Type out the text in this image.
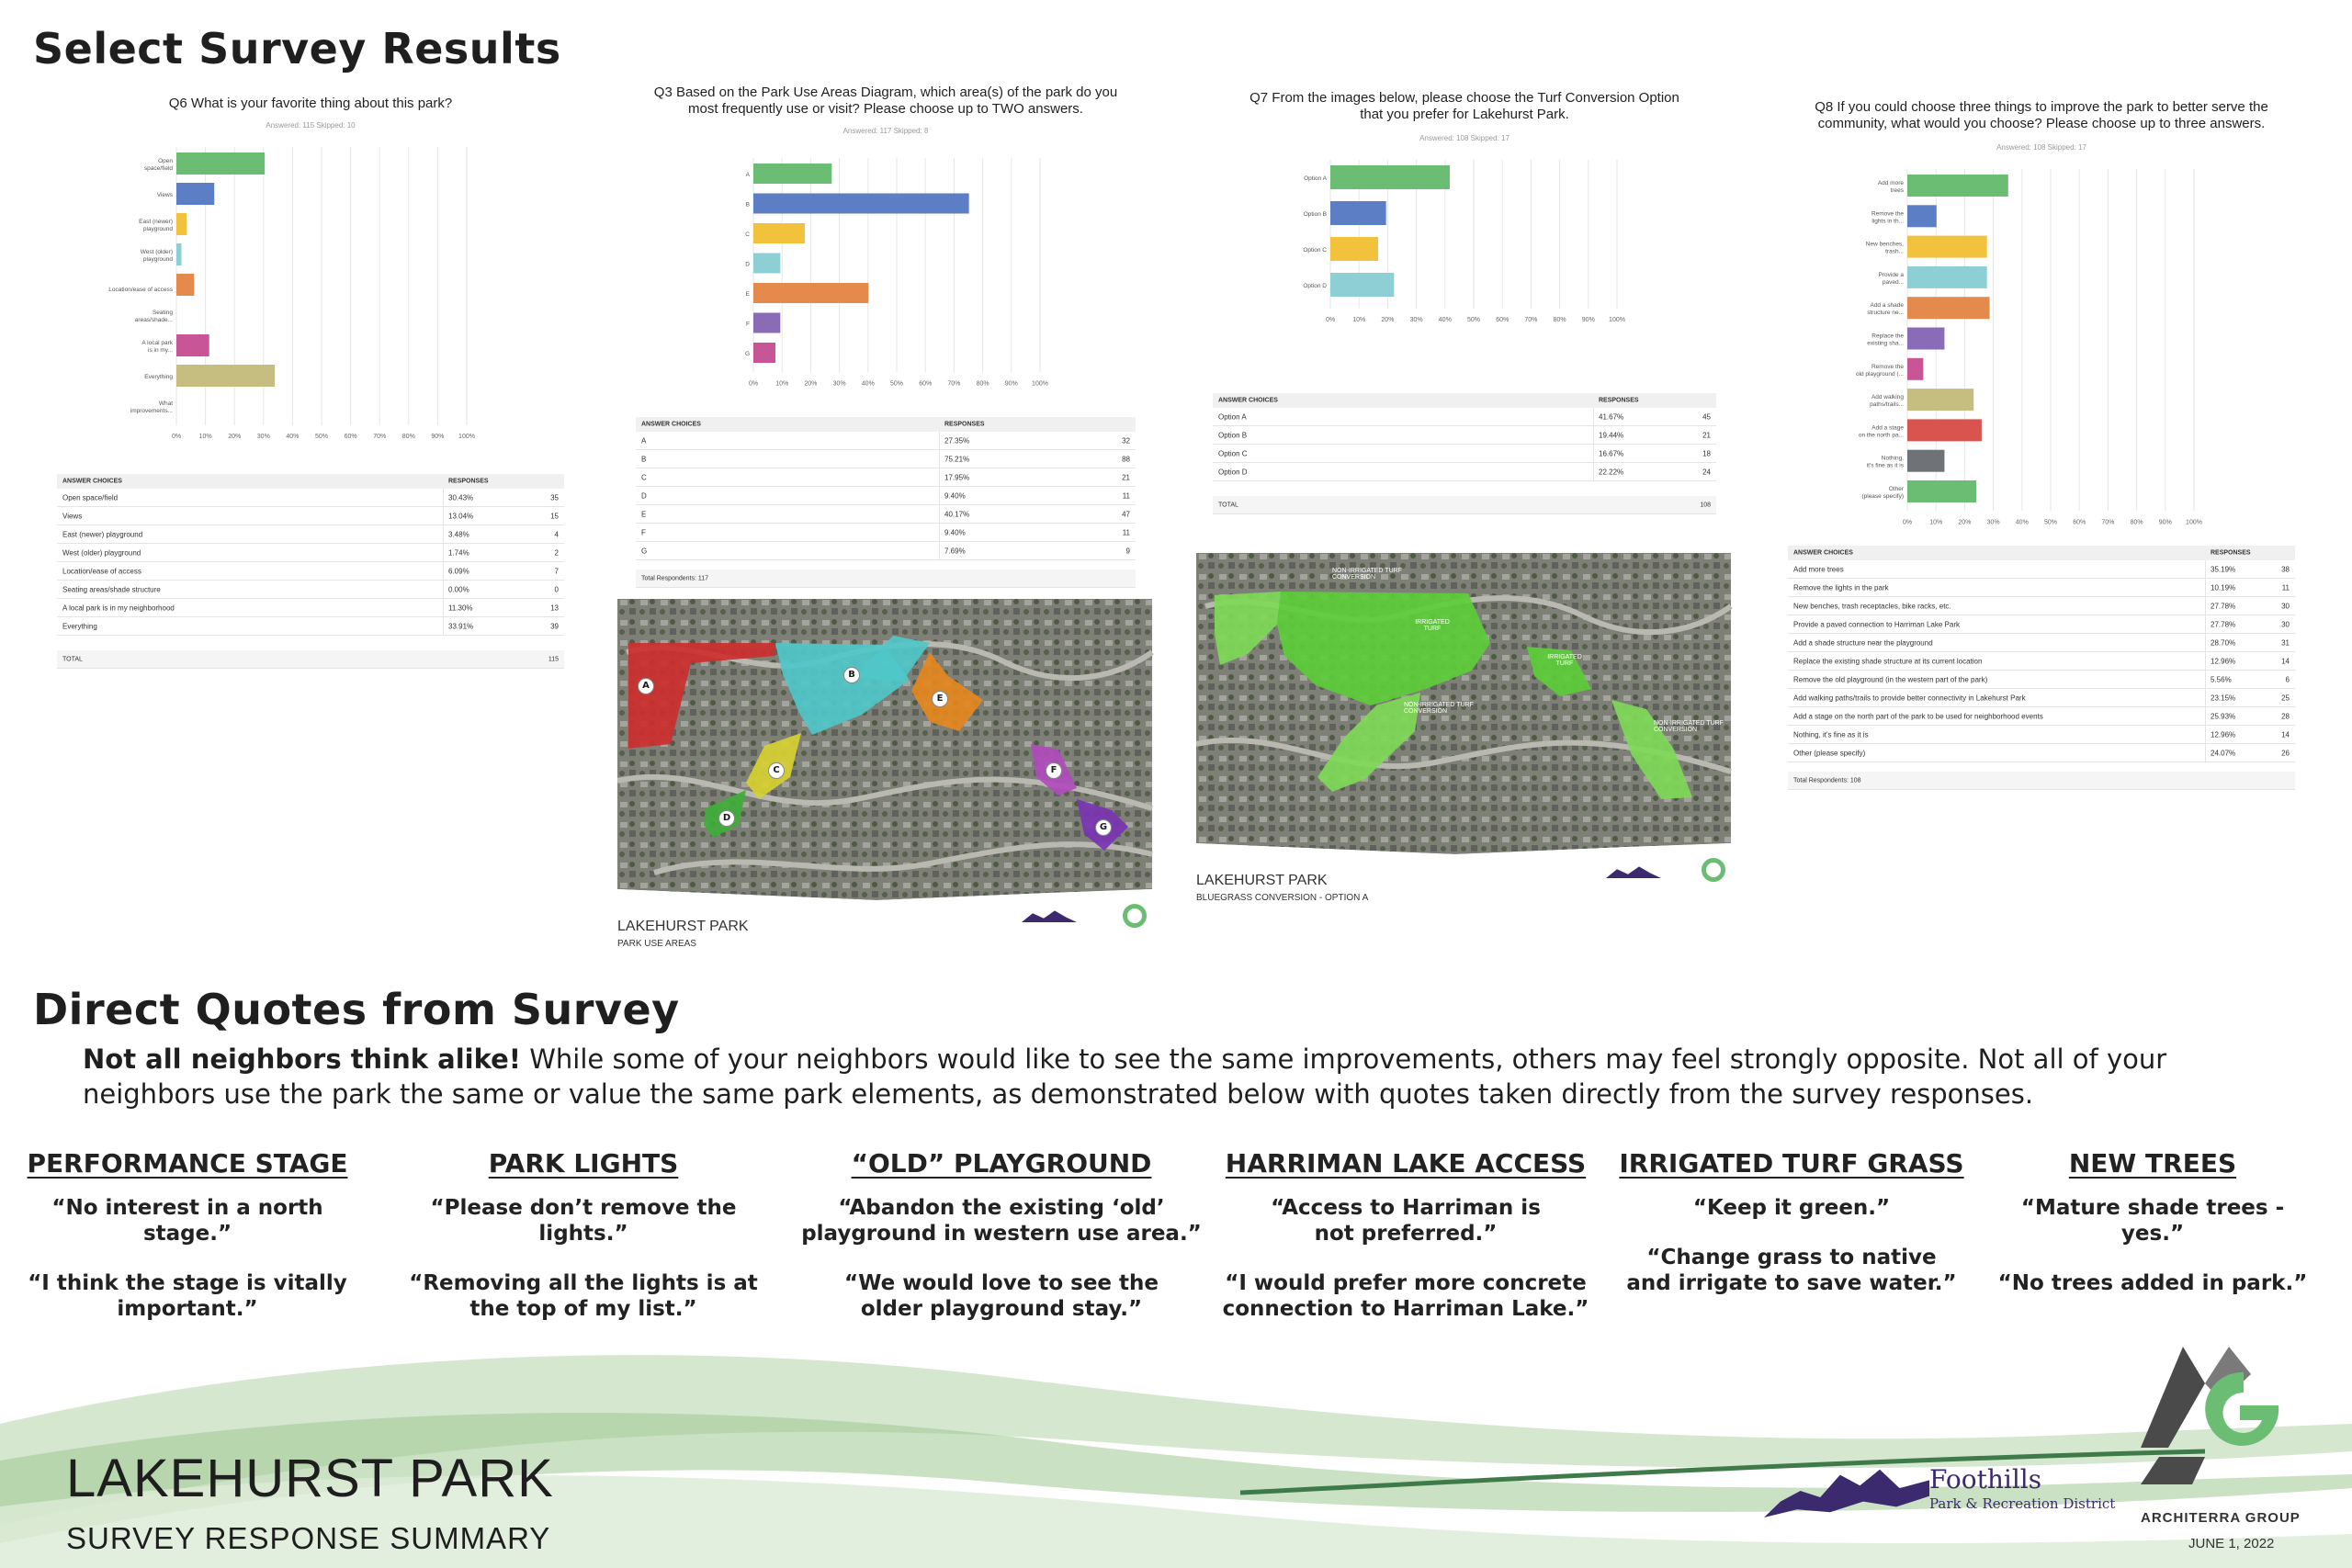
Select Survey Results
Q6 What is your favorite thing about this park?
Answered: 115 Skipped: 10
0%	10%	20%	30%	40%	50%	60%	70%	80%	90% 100%
Open space/field
Views
East (newer) playground
West (older) playground
Location/ease of access
Seating areas/shade...
A local park is in my...
Everything
What improvements...
ANSWER CHOICES	RESPONSES
Open space/field	30.43%	35
Views	13.04%	15
East (newer) playground	3.48%	4
West (older) playground	1.74%	2
Location/ease of access	6.09%	7
Seating areas/shade structure	0.00%	0
A local park is in my neighborhood	11.30%	13
Everything	33.91%	39
TOTAL	115
Q3 Based on the Park Use Areas Diagram, which area(s) of the park do you most frequently use or visit? Please choose up to TWO answers.
Answered: 117 Skipped: 8
0%	10% 20% 30% 40% 50% 60% 70% 80% 90% 100%
A
B
C
D
E
F
G
ANSWER CHOICES	RESPONSES
A	27.35%	32
B	75.21%	88
C	17.95%	21
D	9.40%	11
E	40.17%	47
F	9.40%	11
G	7.69%	9
Total Respondents: 117
Q7 From the images below, please choose the Turf Conversion Option that you prefer for Lakehurst Park.
Answered: 108 Skipped: 17
0%	10% 20% 30% 40% 50% 60% 70% 80% 90% 100%
Option A
Option B
Option C
Option D
ANSWER CHOICES	RESPONSES
Option A	41.67%	45
Option B	19.44%	21
Option C	16.67%	18
Option D	22.22%	24
TOTAL	108
Q8 If you could choose three things to improve the park to better serve the community, what would you choose? Please choose up to three answers.
Answered: 108 Skipped: 17
0%	10% 20% 30% 40% 50% 60% 70% 80% 90% 100%
Add more trees
Remove the lights in th...
New benches, trash...
Provide a paved...
Add a shade structure ne...
Replace the existing sha...
Remove the old playground (...
Add walking paths/trails...
Add a stage on the north pa...
Nothing, it's fine as it is
Other (please specify)
ANSWER CHOICES	RESPONSES
Add more trees	35.19%	38
Remove the lights in the park	10.19%	11
New benches, trash receptacles, bike racks, etc.	27.78%	30
Provide a paved connection to Harriman Lake Park	27.78%	30
Add a shade structure near the playground	28.70%	31
Replace the existing shade structure at its current location	12.96%	14
Remove the old playground (in the western part of the park)	5.56%	6
Add walking paths/trails to provide better connectivity in Lakehurst Park	23.15%	25
Add a stage on the north part of the park to be used for neighborhood events	25.93%	28
Nothing, it's fine as it is	12.96%	14
Other (please specify)	24.07%	26
Total Respondents: 108
A
B
C
D
E
F
G
LAKEHURST PARK
PARK USE AREAS
NON-IRRIGATED TURF CONVERSION
IRRIGATED TURF
IRRIGATED TURF
NON-IRRIGATED TURF CONVERSION
NON-IRRIGATED TURF CONVERSION
LAKEHURST PARK
BLUEGRASS CONVERSION - OPTION A
Direct Quotes from Survey
Not all neighbors think alike! While some of your neighbors would like to see the same improvements, others may feel strongly opposite. Not all of your neighbors use the park the same or value the same park elements, as demonstrated below with quotes taken directly from the survey responses.
PERFORMANCE STAGE
“No interest in a north stage.”
“I think the stage is vitally
important.”
PARK LIGHTS
“Please don’t remove the lights.”
“Removing all the lights is at
the top of my list.”
“OLD” PLAYGROUND
“Abandon the existing ‘old’
playground in western use area.”
“We would love to see the
older playground stay.”
HARRIMAN LAKE ACCESS
“Access to Harriman is
not preferred.”
“I would prefer more concrete
connection to Harriman Lake.”
IRRIGATED TURF GRASS
“Keep it green.”
“Change grass to native
and irrigate to save water.”
NEW TREES
“Mature shade trees - yes.”
“No trees added in park.”
LAKEHURST PARK
SURVEY RESPONSE SUMMARY
Foothills
Park & Recreation District
ARCHITERRA GROUP
JUNE 1, 2022
